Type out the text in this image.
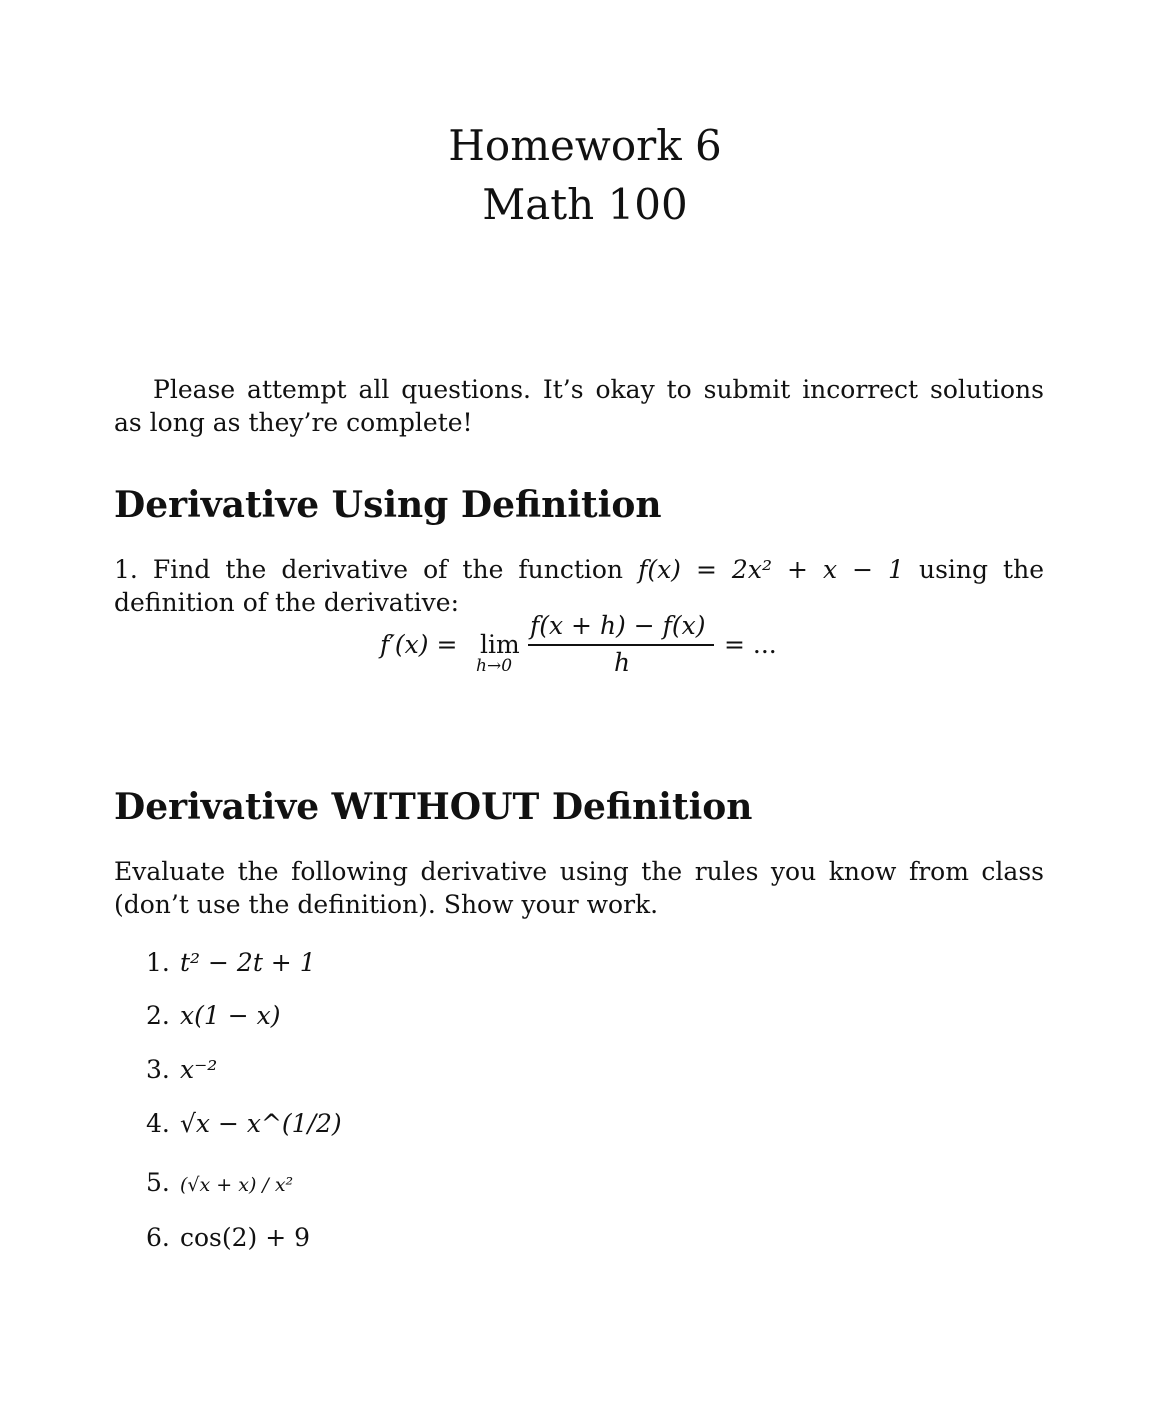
Homework 6
Math 100

Please attempt all questions. It’s okay to submit incorrect solutions as long as they’re complete!

Derivative Using Definition

1. Find the derivative of the function f(x) = 2x² + x − 1 using the definition of the derivative:

f′(x) = lim
h→0
f(x + h) − f(x)
h
= ...
Derivative WITHOUT Definition

Evaluate the following derivative using the rules you know from class (don’t use the definition). Show your work.

1. t² − 2t + 1
2. x(1 − x)
3. x⁻²
4. √x − x^(1/2)
5. (√x + x) / x²
6. cos(2) + 9
